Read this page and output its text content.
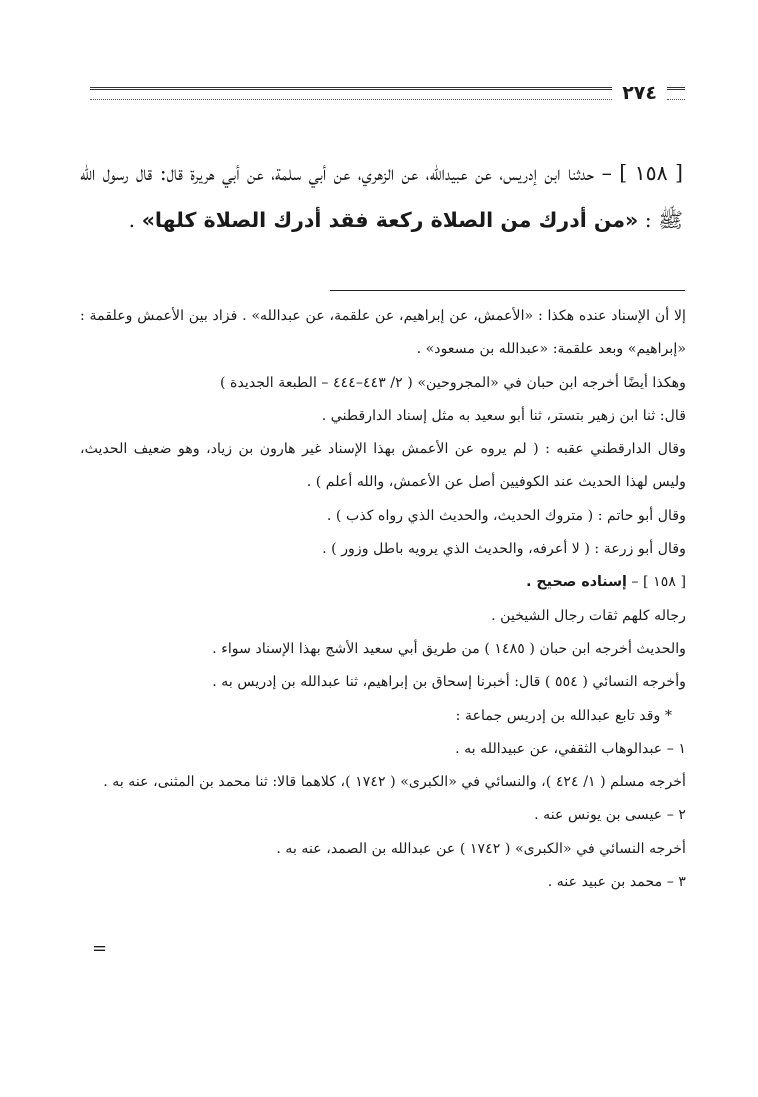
٢٧٤
[ ١٥٨ ] – حدثنا ابن إدريس، عن عبيدالله، عن الزهري، عن أبي سلمة، عن أبي هريرة قال: قال رسول الله ﷺ : «من أدرك من الصلاة ركعة فقد أدرك الصلاة كلها» .

إلا أن الإسناد عنده هكذا : «الأعمش، عن إبراهيم، عن علقمة، عن عبدالله» . فزاد بين الأعمش وعلقمة : «إبراهيم» وبعد علقمة: «عبدالله بن مسعود» .

وهكذا أيضًا أخرجه ابن حبان في «المجروحين» ( ٢/ ٤٤٣–٤٤٤ – الطبعة الجديدة )

قال: ثنا ابن زهير بتستر، ثنا أبو سعيد به مثل إسناد الدارقطني .

وقال الدارقطني عقبه : ( لم يروه عن الأعمش بهذا الإسناد غير هارون بن زياد، وهو ضعيف الحديث، وليس لهذا الحديث عند الكوفيين أصل عن الأعمش، والله أعلم ) .

وقال أبو حاتم : ( متروك الحديث، والحديث الذي رواه كذب ) .

وقال أبو زرعة : ( لا أعرفه، والحديث الذي يرويه باطل وزور ) .

[ ١٥٨ ] – إسناده صحيح .

رجاله كلهم ثقات رجال الشيخين .

والحديث أخرجه ابن حبان ( ١٤٨٥ ) من طريق أبي سعيد الأشج بهذا الإسناد سواء .

وأخرجه النسائي ( ٥٥٤ ) قال: أخبرنا إسحاق بن إبراهيم، ثنا عبدالله بن إدريس به .

* وقد تابع عبدالله بن إدريس جماعة :

١ – عبدالوهاب الثقفي، عن عبيدالله به .

أخرجه مسلم ( ١/ ٤٢٤ )، والنسائي في «الكبرى» ( ١٧٤٢ )، كلاهما قالا: ثنا محمد بن المثنى، عنه به .

٢ – عيسى بن يونس عنه .

أخرجه النسائي في «الكبرى» ( ١٧٤٢ ) عن عبدالله بن الصمد، عنه به .

٣ – محمد بن عبيد عنه .

=
